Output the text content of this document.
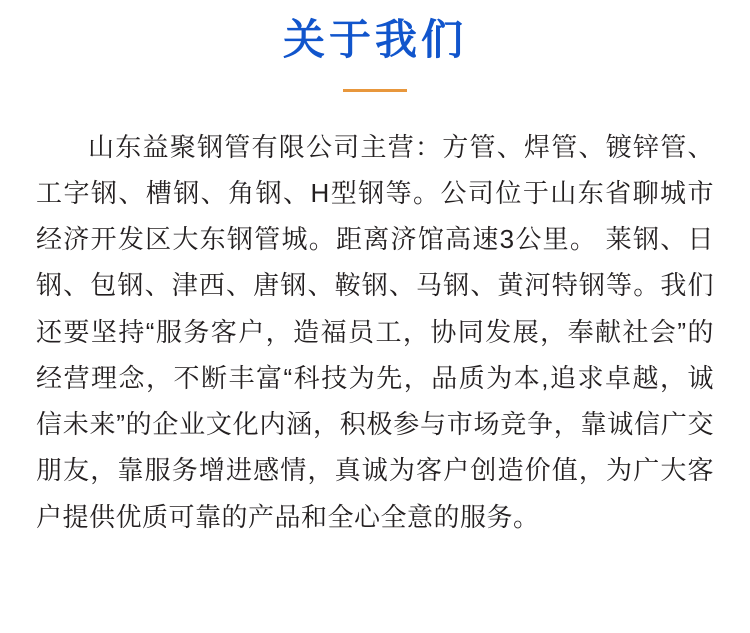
关于我们

山东益聚钢管有限公司主营：方管、焊管、镀锌管、工字钢、槽钢、角钢、H型钢等。公司位于山东省聊城市经济开发区大东钢管城。距离济馆高速3公里。 莱钢、日钢、包钢、津西、唐钢、鞍钢、马钢、黄河特钢等。我们还要坚持“服务客户，造福员工，协同发展，奉献社会”的经营理念，不断丰富“科技为先，品质为本,追求卓越，诚信未来”的企业文化内涵，积极参与市场竞争，靠诚信广交朋友，靠服务增进感情，真诚为客户创造价值，为广大客户提供优质可靠的产品和全心全意的服务。
